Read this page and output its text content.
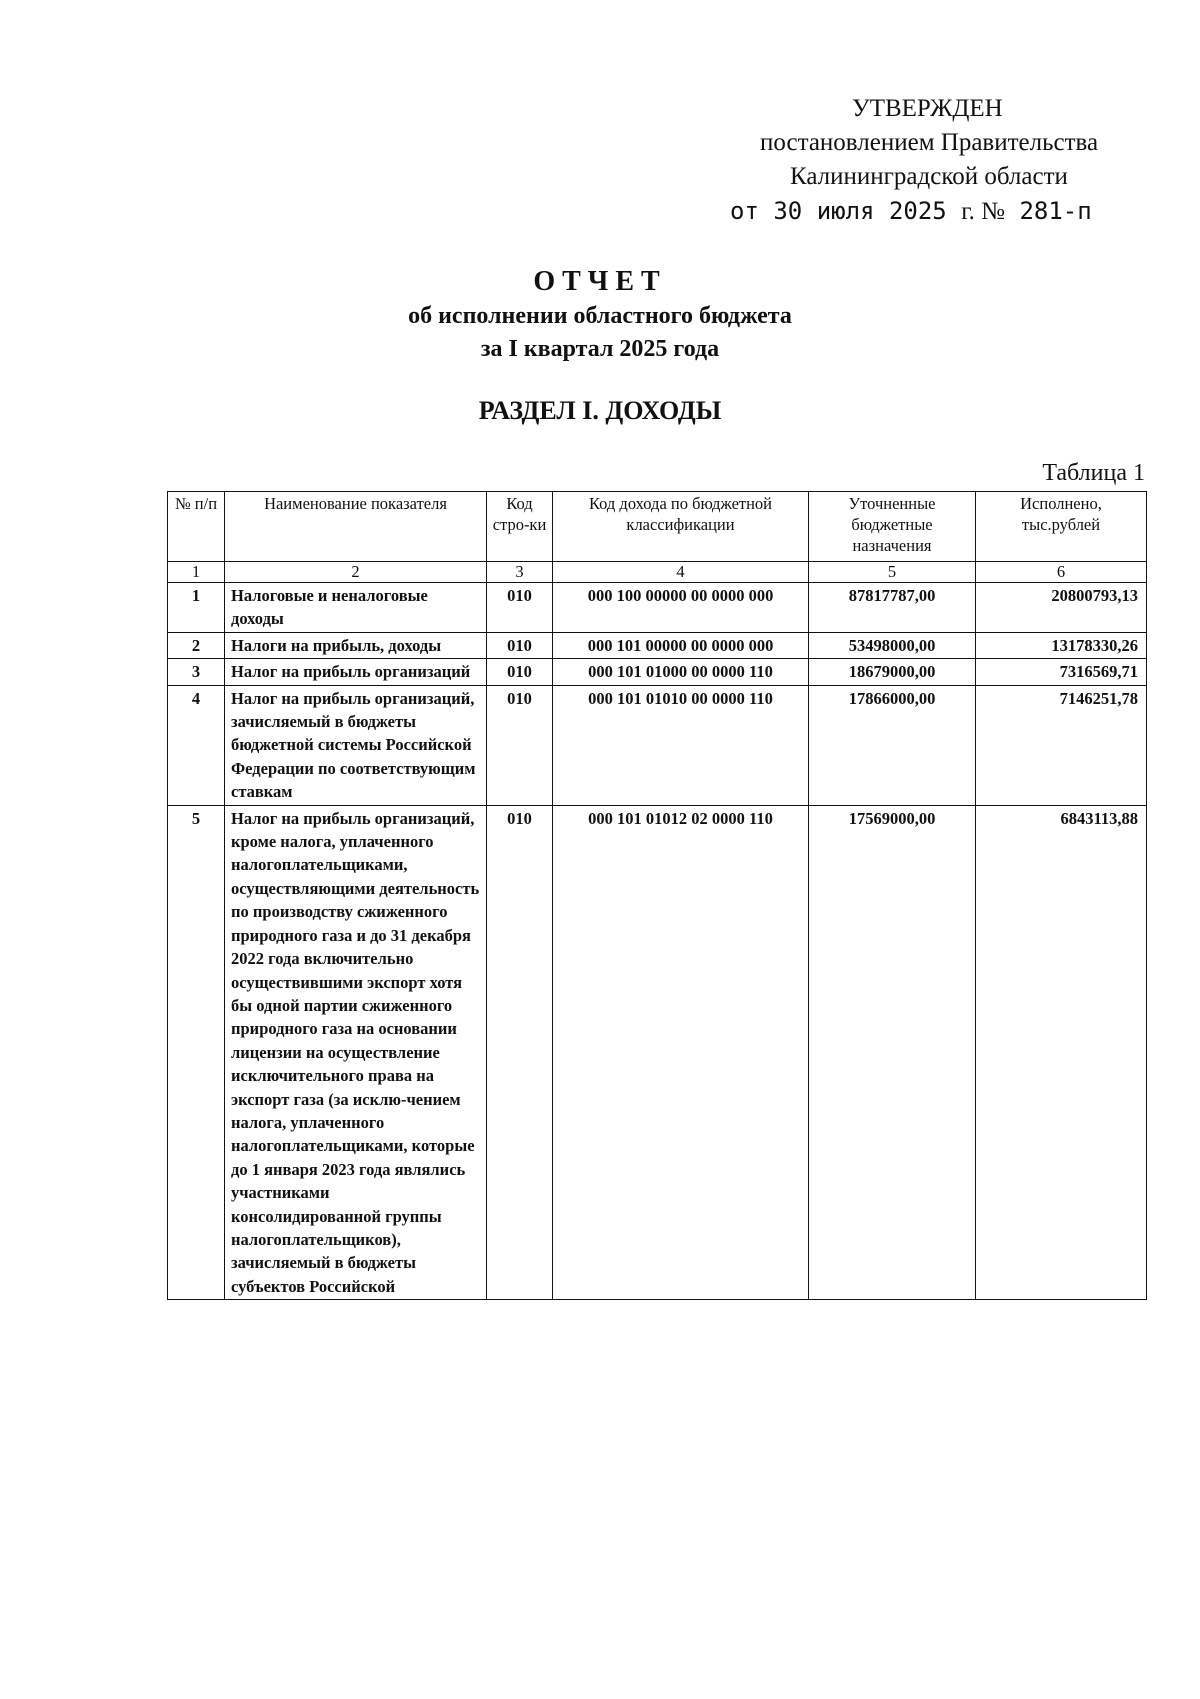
УТВЕРЖДЕН
постановлением Правительства
Калининградской области
от 30 июля 2025 г. № 281-п
ОТЧЕТ
об исполнении областного бюджета
за I квартал 2025 года
РАЗДЕЛ I. ДОХОДЫ
Таблица 1
№ п/п	Наименование показателя	Код стро-ки	Код дохода по бюджетной классификации	Уточненные бюджетные назначения	Исполнено, тыс.рублей
1	2	3	4	5	6
1	Налоговые и неналоговые доходы	010	000 100 00000 00 0000 000	87817787,00	20800793,13
2	Налоги на прибыль, доходы	010	000 101 00000 00 0000 000	53498000,00	13178330,26
3	Налог на прибыль организаций	010	000 101 01000 00 0000 110	18679000,00	7316569,71
4	Налог на прибыль организаций, зачисляемый в бюджеты бюджетной системы Российской Федерации по соответствующим ставкам	010	000 101 01010 00 0000 110	17866000,00	7146251,78
5	Налог на прибыль организаций, кроме налога, уплаченного налогоплательщиками, осуществляющими деятельность по производству сжиженного природного газа и до 31 декабря 2022 года включительно осуществившими экспорт хотя бы одной партии сжиженного природного газа на основании лицензии на осуществление исключительного права на экспорт газа (за исклю-чением налога, уплаченного налогоплательщиками, которые до 1 января 2023 года являлись участниками консолидированной группы налогоплательщиков), зачисляемый в бюджеты субъектов Российской	010	000 101 01012 02 0000 110	17569000,00	6843113,88
